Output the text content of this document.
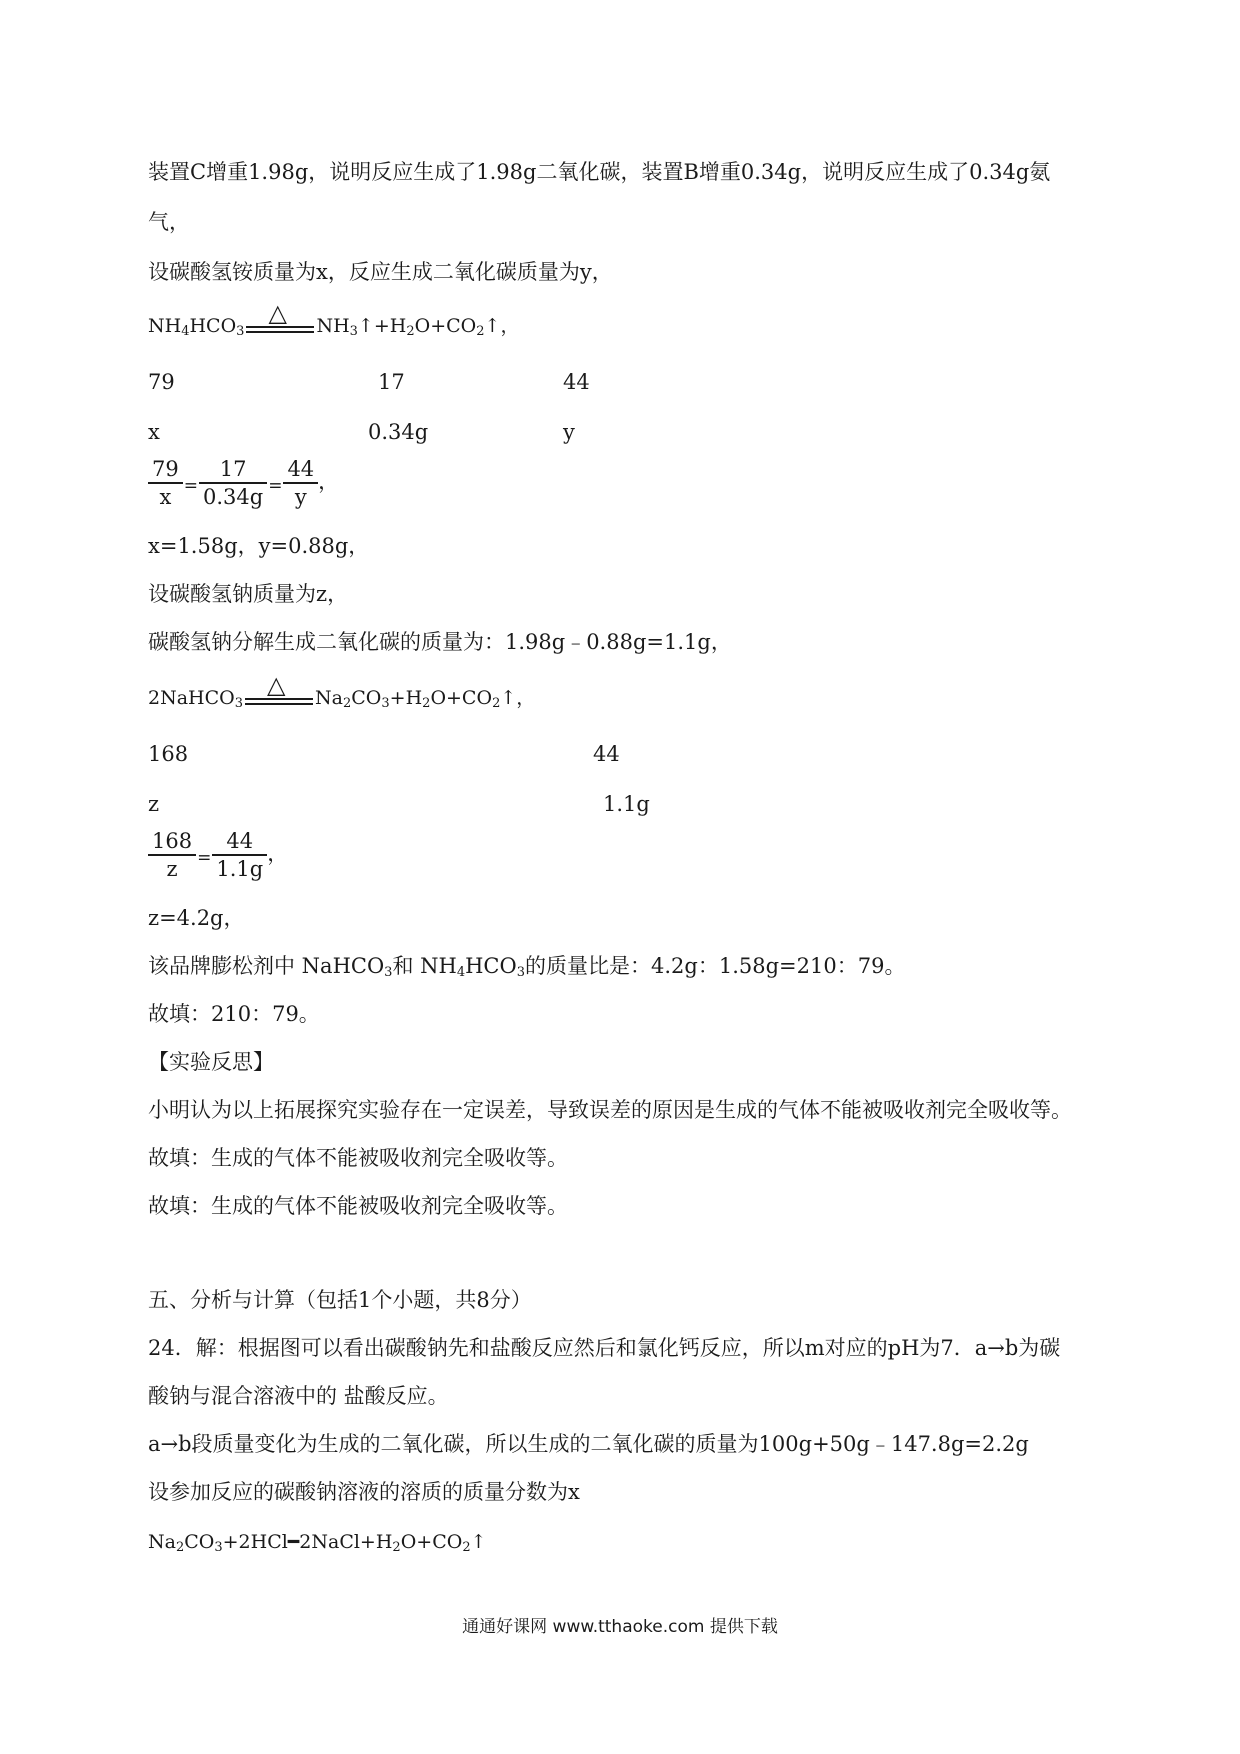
装置C增重1.98g，说明反应生成了1.98g二氧化碳，装置B增重0.34g，说明反应生成了0.34g氨
气，
设碳酸氢铵质量为x，反应生成二氧化碳质量为y，
$NH_4HCO_3$
△ $NH_3↑+H_2O+CO_2↑$，
79	17	44
x	0.34g	y
$\frac{79}{x} = \frac{17}{0.34g} = \frac{44}{y}$ ，
x=1.58g，y=0.88g，
设碳酸氢钠质量为z，
碳酸氢钠分解生成二氧化碳的质量为：1.98g﹣0.88g=1.1g，
2NaHCO$_3$
△ $Na_2CO_3+H_2O+CO_2↑$，
168	44
z	1.1g
$\frac{168}{z} = \frac{44}{1.1g}$ ，
z=4.2g，
该品牌膨松剂中 NaHCO$_3$和 $NH_4HCO_3$的质量比是：4.2g：1.58g=210：79。
故填：210：79。
【实验反思】
小明认为以上拓展探究实验存在一定误差，导致误差的原因是生成的气体不能被吸收剂完全吸收等。
故填：生成的气体不能被吸收剂完全吸收等。
故填：生成的气体不能被吸收剂完全吸收等。
五、分析与计算（包括1个小题，共8分）
24．解：根据图可以看出碳酸钠先和盐酸反应然后和氯化钙反应，所以m对应的pH为7．a→b为碳
酸钠与混合溶液中的 盐酸反应。
a→b段质量变化为生成的二氧化碳，所以生成的二氧化碳的质量为100g+50g﹣147.8g=2.2g
设参加反应的碳酸钠溶液的溶质的质量分数为x
$Na_2CO_3+2HCl━2NaCl+H_2O+CO_2↑$
通通好课网 www.tthaoke.com 提供下载
